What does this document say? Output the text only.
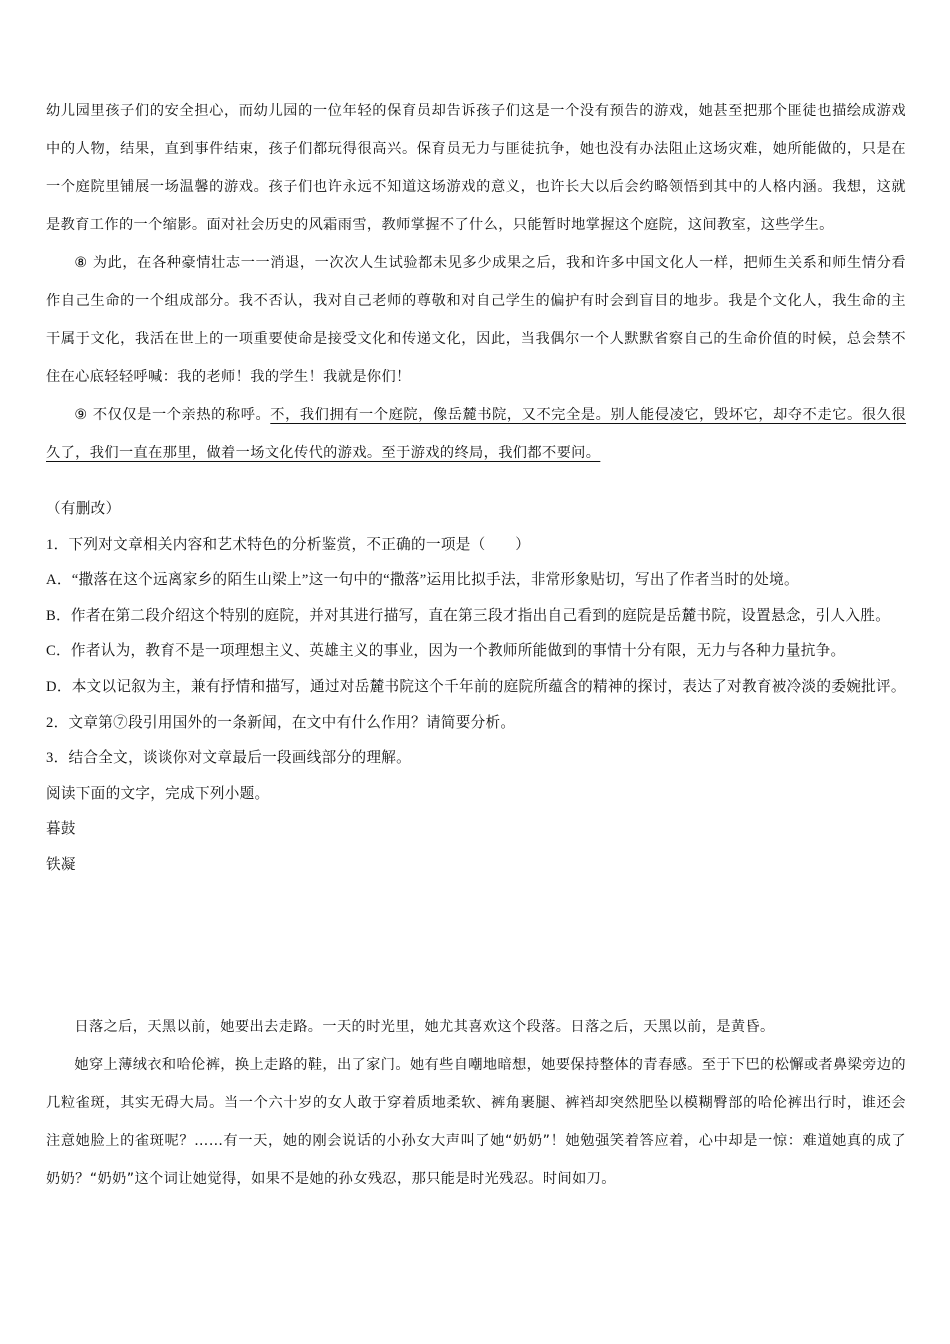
幼儿园里孩子们的安全担心，而幼儿园的一位年轻的保育员却告诉孩子们这是一个没有预告的游戏，她甚至把那个匪徒也描绘成游戏中的人物，结果，直到事件结束，孩子们都玩得很高兴。保育员无力与匪徒抗争，她也没有办法阻止这场灾难，她所能做的，只是在一个庭院里铺展一场温馨的游戏。孩子们也许永远不知道这场游戏的意义，也许长大以后会约略领悟到其中的人格内涵。我想，这就是教育工作的一个缩影。面对社会历史的风霜雨雪，教师掌握不了什么，只能暂时地掌握这个庭院，这间教室，这些学生。

⑧ 为此，在各种豪情壮志一一消退，一次次人生试验都未见多少成果之后，我和许多中国文化人一样，把师生关系和师生情分看作自己生命的一个组成部分。我不否认，我对自己老师的尊敬和对自己学生的偏护有时会到盲目的地步。我是个文化人，我生命的主干属于文化，我活在世上的一项重要使命是接受文化和传递文化，因此，当我偶尔一个人默默省察自己的生命价值的时候，总会禁不住在心底轻轻呼喊：我的老师！我的学生！我就是你们！

⑨ 不仅仅是一个亲热的称呼。不，我们拥有一个庭院，像岳麓书院，又不完全是。别人能侵凌它，毁坏它，却夺不走它。很久很久了，我们一直在那里，做着一场文化传代的游戏。至于游戏的终局，我们都不要问。

（有删改）

1．下列对文章相关内容和艺术特色的分析鉴赏，不正确的一项是（　　）

A．“撒落在这个远离家乡的陌生山梁上”这一句中的“撒落”运用比拟手法，非常形象贴切，写出了作者当时的处境。

B．作者在第二段介绍这个特别的庭院，并对其进行描写，直在第三段才指出自己看到的庭院是岳麓书院，设置悬念，引人入胜。

C．作者认为，教育不是一项理想主义、英雄主义的事业，因为一个教师所能做到的事情十分有限，无力与各种力量抗争。

D．本文以记叙为主，兼有抒情和描写，通过对岳麓书院这个千年前的庭院所蕴含的精神的探讨，表达了对教育被冷淡的委婉批评。

2．文章第⑦段引用国外的一条新闻，在文中有什么作用？请简要分析。

3．结合全文，谈谈你对文章最后一段画线部分的理解。

阅读下面的文字，完成下列小题。

暮鼓

铁凝

日落之后，天黑以前，她要出去走路。一天的时光里，她尤其喜欢这个段落。日落之后，天黑以前，是黄昏。

她穿上薄绒衣和哈伦裤，换上走路的鞋，出了家门。她有些自嘲地暗想，她要保持整体的青春感。至于下巴的松懈或者鼻梁旁边的几粒雀斑，其实无碍大局。当一个六十岁的女人敢于穿着质地柔软、裤角裹腿、裤裆却突然肥坠以模糊臀部的哈伦裤出行时，谁还会注意她脸上的雀斑呢？……有一天，她的刚会说话的小孙女大声叫了她“奶奶”！她勉强笑着答应着，心中却是一惊：难道她真的成了奶奶？“奶奶”这个词让她觉得，如果不是她的孙女残忍，那只能是时光残忍。时间如刀。
